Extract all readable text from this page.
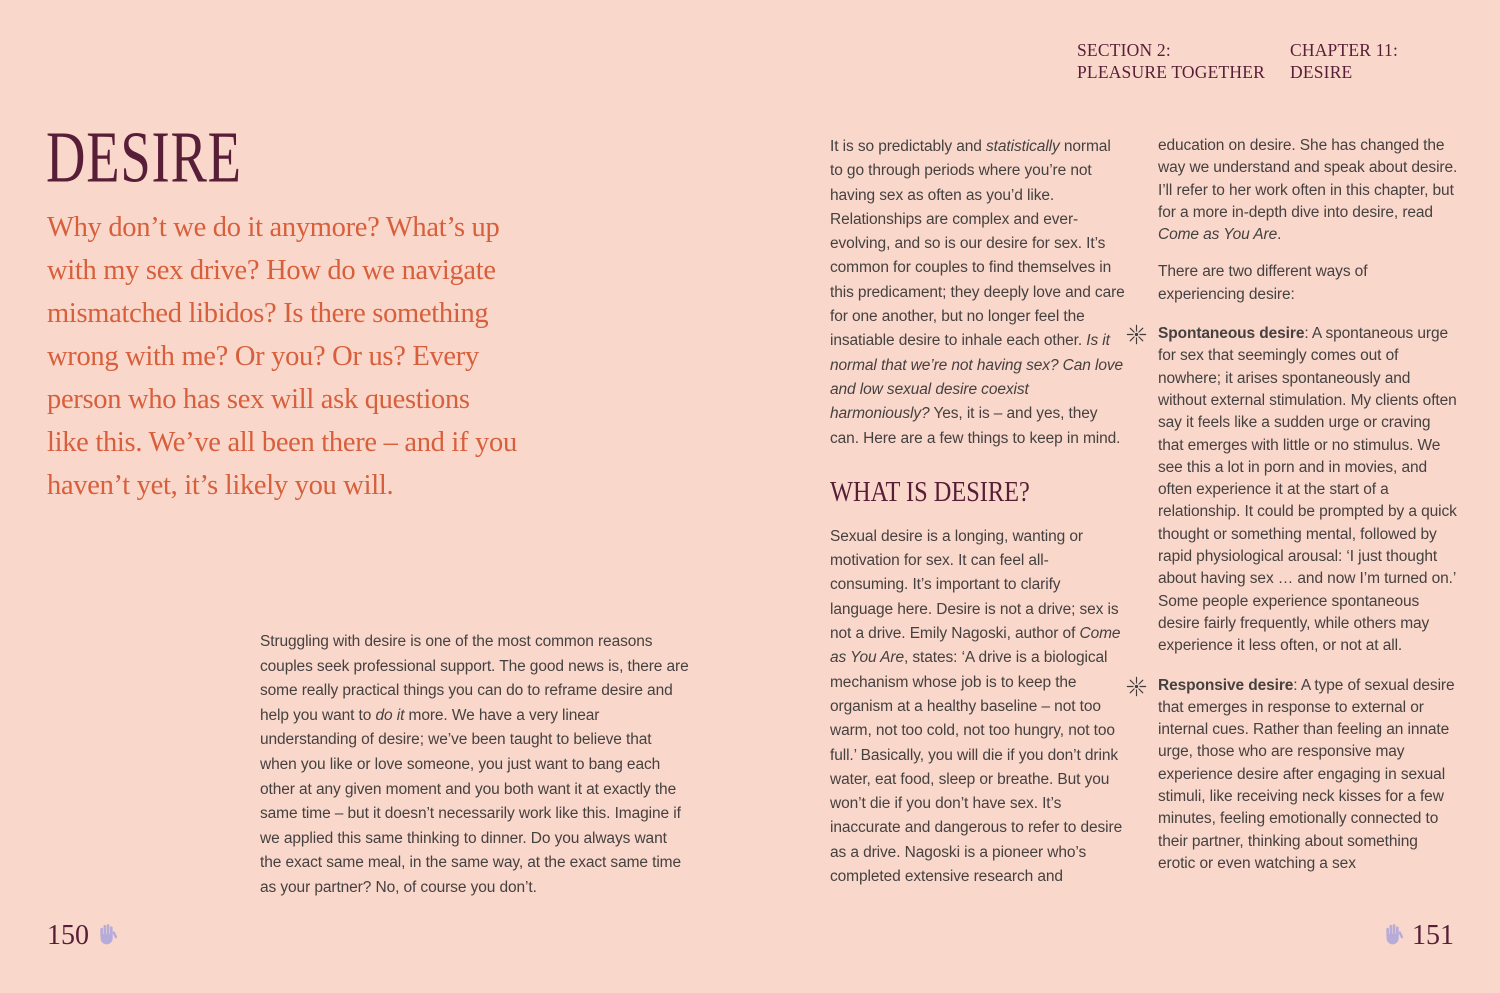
SECTION 2:
PLEASURE TOGETHER
CHAPTER 11:
DESIRE
DESIRE

Why don’t we do it anymore? What’s up with my sex drive? How do we navigate mismatched libidos? Is there something wrong with me? Or you? Or us? Every person who has sex will ask questions like this. We’ve all been there – and if you haven’t yet, it’s likely you will.

Struggling with desire is one of the most common reasons couples seek professional support. The good news is, there are some really practical things you can do to reframe desire and help you want to do it more. We have a very linear understanding of desire; we’ve been taught to believe that when you like or love someone, you just want to bang each other at any given moment and you both want it at exactly the same time – but it doesn’t necessarily work like this. Imagine if we applied this same thinking to dinner. Do you always want the exact same meal, in the same way, at the exact same time as your partner? No, of course you don’t.

150

It is so predictably and statistically normal to go through periods where you’re not having sex as often as you’d like. Relationships are complex and ever-evolving, and so is our desire for sex. It’s common for couples to find themselves in this predicament; they deeply love and care for one another, but no longer feel the insatiable desire to inhale each other. Is it normal that we’re not having sex? Can love and low sexual desire coexist harmoniously? Yes, it is – and yes, they can. Here are a few things to keep in mind.

WHAT IS DESIRE?

Sexual desire is a longing, wanting or motivation for sex. It can feel all-consuming. It’s important to clarify language here. Desire is not a drive; sex is not a drive. Emily Nagoski, author of Come as You Are, states: ‘A drive is a biological mechanism whose job is to keep the organism at a healthy baseline – not too warm, not too cold, not too hungry, not too full.’ Basically, you will die if you don’t drink water, eat food, sleep or breathe. But you won’t die if you don’t have sex. It’s inaccurate and dangerous to refer to desire as a drive. Nagoski is a pioneer who’s completed extensive research and

education on desire. She has changed the way we understand and speak about desire. I’ll refer to her work often in this chapter, but for a more in-depth dive into desire, read Come as You Are.

There are two different ways of experiencing desire:

Spontaneous desire: A spontaneous urge for sex that seemingly comes out of nowhere; it arises spontaneously and without external stimulation. My clients often say it feels like a sudden urge or craving that emerges with little or no stimulus. We see this a lot in porn and in movies, and often experience it at the start of a relationship. It could be prompted by a quick thought or something mental, followed by rapid physiological arousal: ‘I just thought about having sex … and now I’m turned on.’ Some people experience spontaneous desire fairly frequently, while others may experience it less often, or not at all.

Responsive desire: A type of sexual desire that emerges in response to external or internal cues. Rather than feeling an innate urge, those who are responsive may experience desire after engaging in sexual stimuli, like receiving neck kisses for a few minutes, feeling emotionally connected to their partner, thinking about something erotic or even watching a sex

151
